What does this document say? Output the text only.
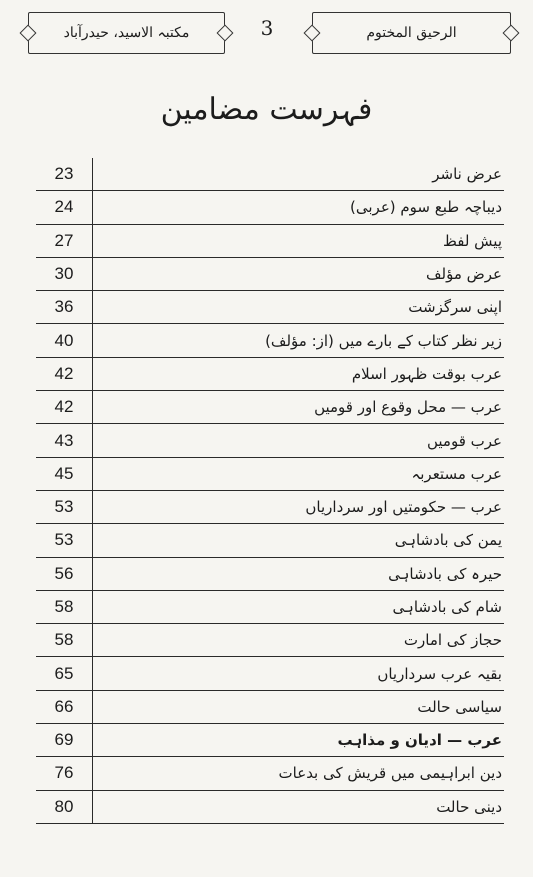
مکتبہ الاسید، حیدرآباد	3	الرحیق المختوم
فہرست مضامین
23	عرض ناشر
24	دیباچہ طبع سوم (عربی)
27	پیش لفظ
30	عرض مؤلف
36	اپنی سرگزشت
40	زیر نظر کتاب کے بارے میں (از: مؤلف)
42	عرب بوقت ظہور اسلام
42	عرب — محل وقوع اور قومیں
43	عرب قومیں
45	عرب مستعربہ
53	عرب — حکومتیں اور سرداریاں
53	یمن کی بادشاہی
56	حیرہ کی بادشاہی
58	شام کی بادشاہی
58	حجاز کی امارت
65	بقیہ عرب سرداریاں
66	سیاسی حالت
69	عرب — ادیان و مذاہب
76	دین ابراہیمی میں قریش کی بدعات
80	دینی حالت
